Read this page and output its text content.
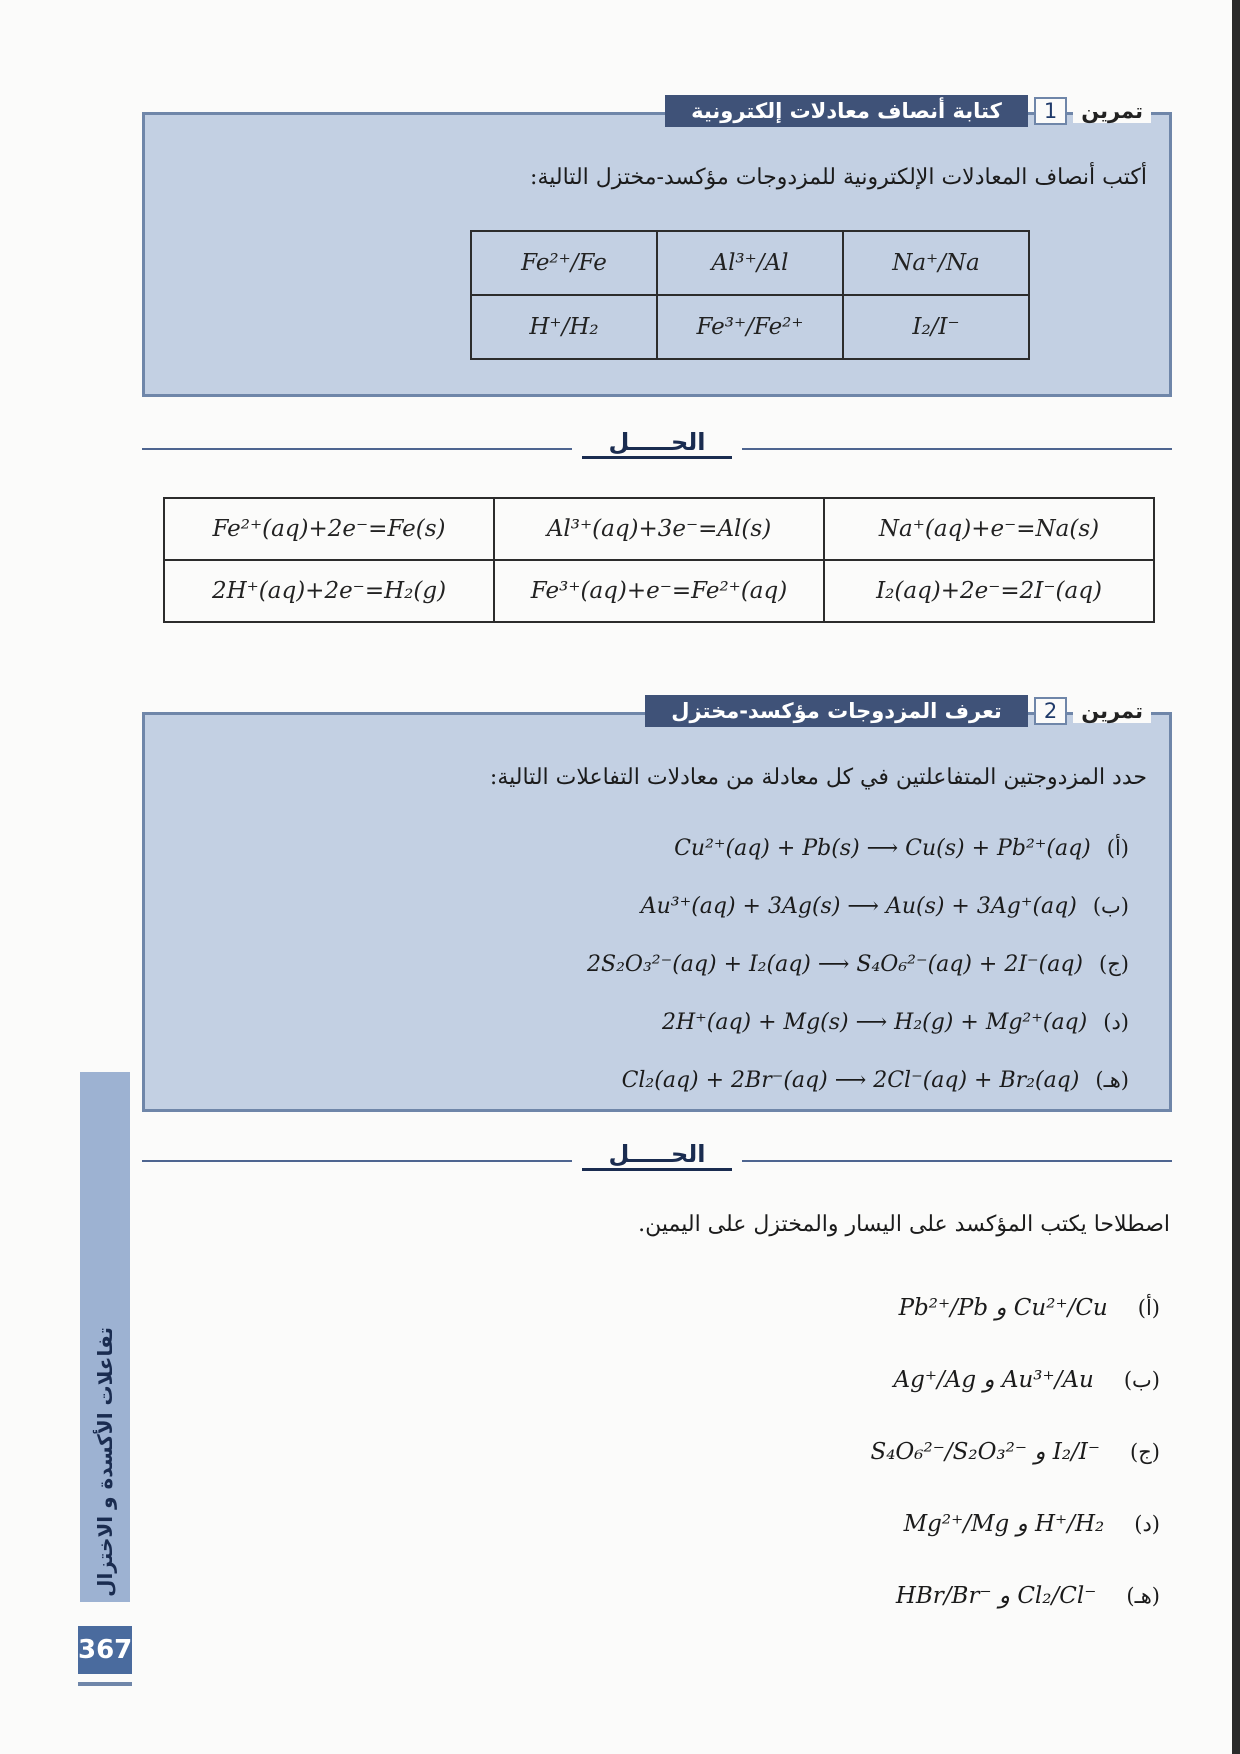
تمرين
1
كتابة أنصاف معادلات إلكترونية
أكتب أنصاف المعادلات الإلكترونية للمزدوجات مؤكسد-مختزل التالية:
Fe²⁺/Fe	Al³⁺/Al	Na⁺/Na
H⁺/H₂	Fe³⁺/Fe²⁺	I₂/I⁻
الحـــــل
Fe²⁺(aq)+2e⁻=Fe(s)	Al³⁺(aq)+3e⁻=Al(s)	Na⁺(aq)+e⁻=Na(s)
2H⁺(aq)+2e⁻=H₂(g)	Fe³⁺(aq)+e⁻=Fe²⁺(aq)	I₂(aq)+2e⁻=2I⁻(aq)
تمرين
2
تعرف المزدوجات مؤكسد-مختزل
حدد المزدوجتين المتفاعلتين في كل معادلة من معادلات التفاعلات التالية:
Cu²⁺(aq) + Pb(s) ⟶ Cu(s) + Pb²⁺(aq) (أ)
Au³⁺(aq) + 3Ag(s) ⟶ Au(s) + 3Ag⁺(aq) (ب)
2S₂O₃²⁻(aq) + I₂(aq) ⟶ S₄O₆²⁻(aq) + 2I⁻(aq) (ج)
2H⁺(aq) + Mg(s) ⟶ H₂(g) + Mg²⁺(aq) (د)
Cl₂(aq) + 2Br⁻(aq) ⟶ 2Cl⁻(aq) + Br₂(aq) (هـ)
الحـــــل
اصطلاحا يكتب المؤكسد على اليسار والمختزل على اليمين.
Pb²⁺/Pb و Cu²⁺/Cu (أ)
Ag⁺/Ag و Au³⁺/Au (ب)
S₄O₆²⁻/S₂O₃²⁻ و I₂/I⁻ (ج)
Mg²⁺/Mg و H⁺/H₂ (د)
HBr/Br⁻ و Cl₂/Cl⁻ (هـ)
تفاعلات الأكسدة و الاختزال
367
